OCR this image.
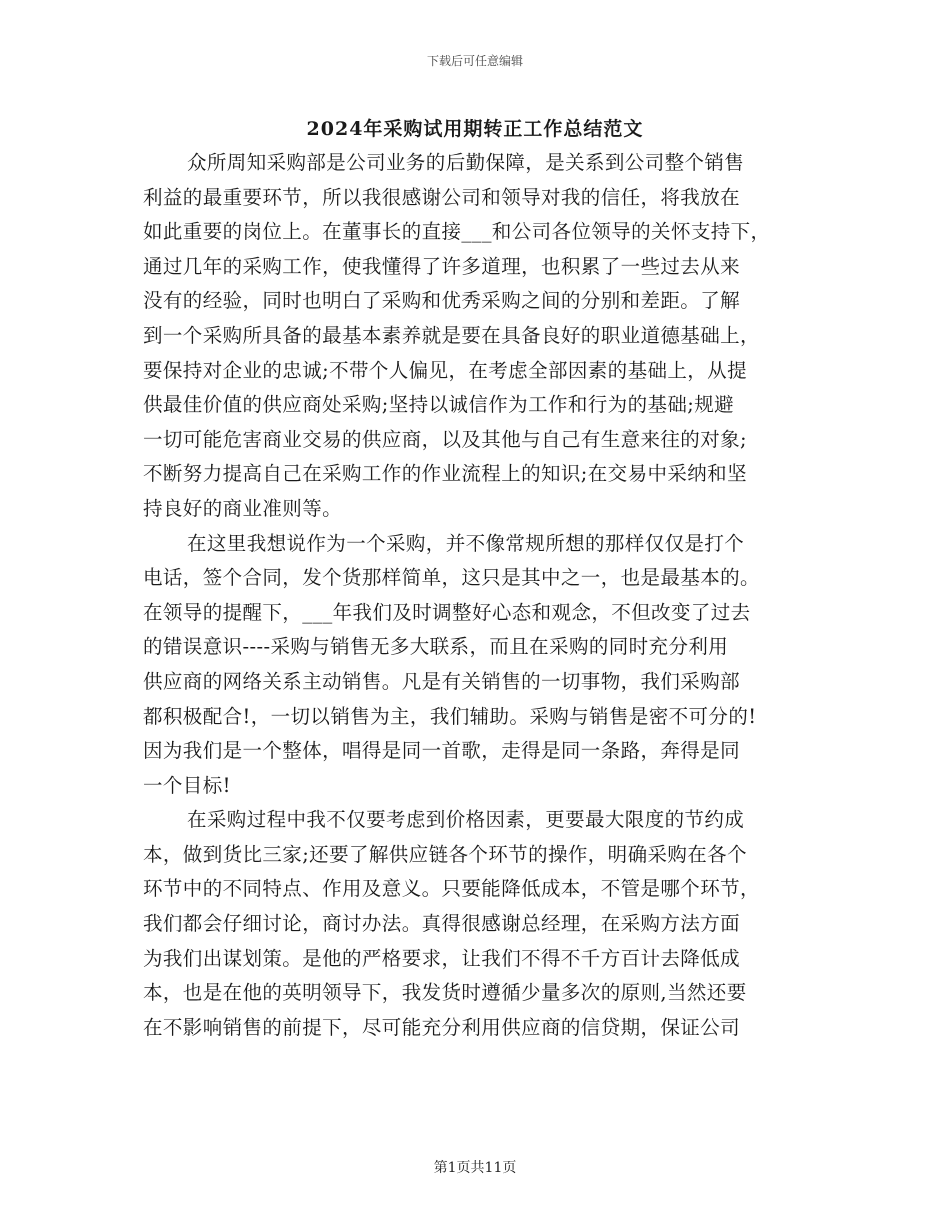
下载后可任意编辑
2024年采购试用期转正工作总结范文
众所周知采购部是公司业务的后勤保障，是关系到公司整个销售
利益的最重要环节，所以我很感谢公司和领导对我的信任，将我放在
如此重要的岗位上。在董事长的直接___和公司各位领导的关怀支持下，
通过几年的采购工作，使我懂得了许多道理，也积累了一些过去从来
没有的经验，同时也明白了采购和优秀采购之间的分别和差距。了解
到一个采购所具备的最基本素养就是要在具备良好的职业道德基础上，
要保持对企业的忠诚;不带个人偏见，在考虑全部因素的基础上，从提
供最佳价值的供应商处采购;坚持以诚信作为工作和行为的基础;规避
一切可能危害商业交易的供应商，以及其他与自己有生意来往的对象;
不断努力提高自己在采购工作的作业流程上的知识;在交易中采纳和坚
持良好的商业准则等。
在这里我想说作为一个采购，并不像常规所想的那样仅仅是打个
电话，签个合同，发个货那样简单，这只是其中之一，也是最基本的。
在领导的提醒下，___年我们及时调整好心态和观念，不但改变了过去
的错误意识----采购与销售无多大联系，而且在采购的同时充分利用
供应商的网络关系主动销售。凡是有关销售的一切事物，我们采购部
都积极配合!，一切以销售为主，我们辅助。采购与销售是密不可分的!
因为我们是一个整体，唱得是同一首歌，走得是同一条路，奔得是同
一个目标!
在采购过程中我不仅要考虑到价格因素，更要最大限度的节约成
本，做到货比三家;还要了解供应链各个环节的操作，明确采购在各个
环节中的不同特点、作用及意义。只要能降低成本，不管是哪个环节，
我们都会仔细讨论，商讨办法。真得很感谢总经理，在采购方法方面
为我们出谋划策。是他的严格要求，让我们不得不千方百计去降低成
本，也是在他的英明领导下，我发货时遵循少量多次的原则,当然还要
在不影响销售的前提下，尽可能充分利用供应商的信贷期，保证公司
第1页共11页
